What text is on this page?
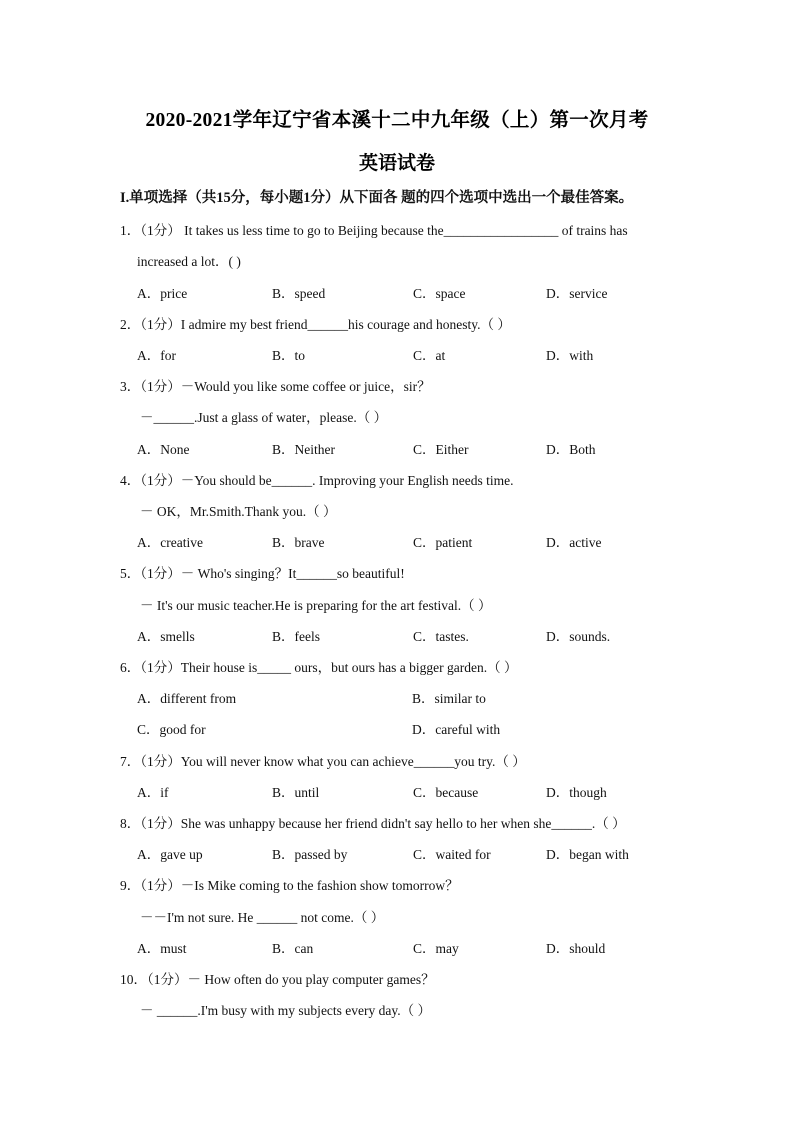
2020-2021学年辽宁省本溪十二中九年级（上）第一次月考
英语试卷
I.单项选择（共15分，每小题1分）从下面各 题的四个选项中选出一个最佳答案。
1．（1分） It takes us less time to go to Beijing because the_________________ of trains has
increased a lot．( )
A．price	B．speed	C．space	D．service
2．（1分）I admire my best friend______his courage and honesty.（ ）
A．for	B．to	C．at	D．with
3．（1分）－Would you like some coffee or juice，sir？
－______.Just a glass of water，please.（ ）
A．None	B．Neither	C．Either	D．Both
4．（1分）－You should be______. Improving your English needs time.
－ OK，Mr.Smith.Thank you.（ ）
A．creative	B．brave	C．patient	D．active
5．（1分）－ Who's singing？It______so beautiful!
－ It's our music teacher.He is preparing for the art festival.（ ）
A．smells	B．feels	C．tastes.	D．sounds.
6．（1分）Their house is_____ ours，but ours has a bigger garden.（ ）
A．different from	B．similar to
C．good for	D．careful with
7．（1分）You will never know what you can achieve______you try.（ ）
A．if	B．until	C．because	D．though
8．（1分）She was unhappy because her friend didn't say hello to her when she______.（ ）
A．gave up	B．passed by	C．waited for	D．began with
9．（1分）－Is Mike coming to the fashion show tomorrow？
－－I'm not sure. He ______ not come.（ ）
A．must	B．can	C．may	D．should
10．（1分）－ How often do you play computer games？
－ ______.I'm busy with my subjects every day.（ ）
